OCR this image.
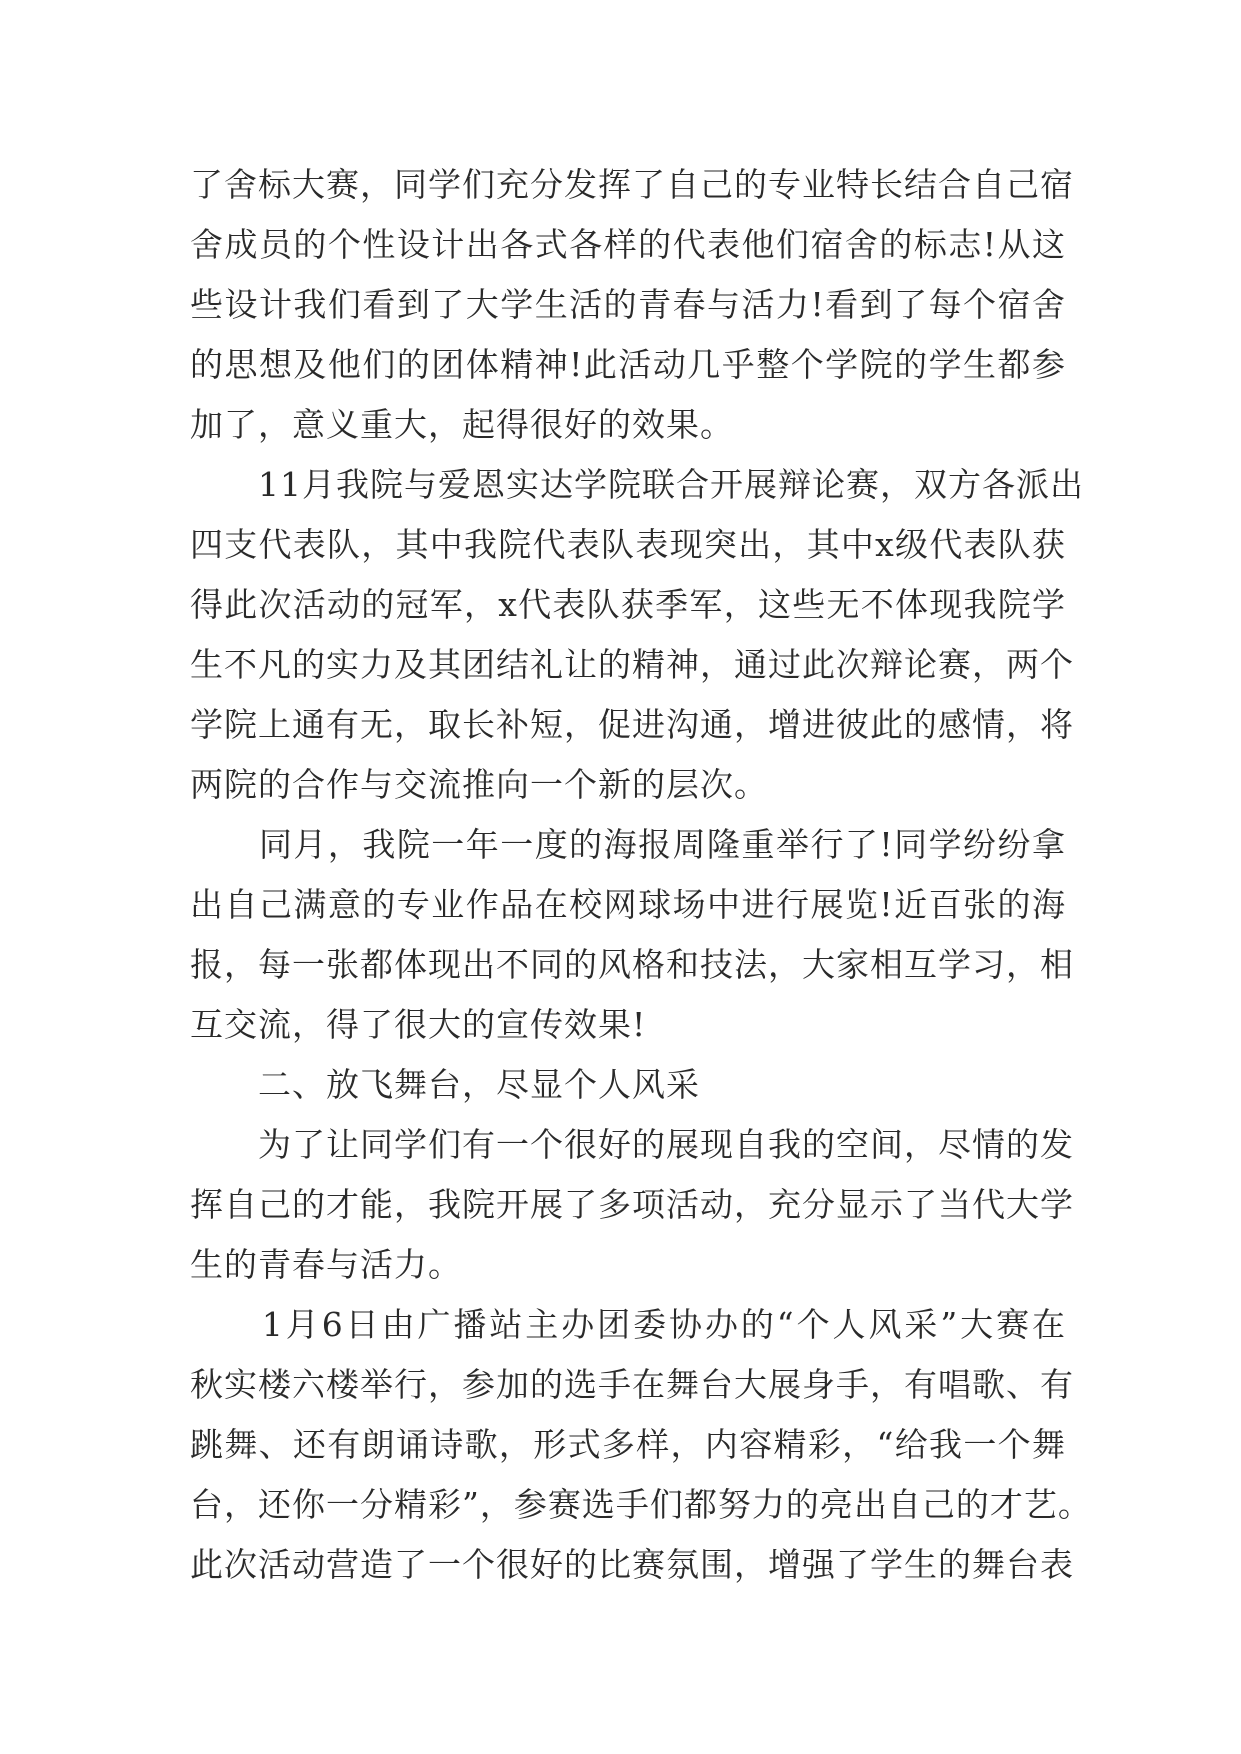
了舍标大赛，同学们充分发挥了自己的专业特长结合自己宿
舍成员的个性设计出各式各样的代表他们宿舍的标志!从这
些设计我们看到了大学生活的青春与活力!看到了每个宿舍
的思想及他们的团体精神!此活动几乎整个学院的学生都参
加了，意义重大，起得很好的效果。
　　11月我院与爱恩实达学院联合开展辩论赛，双方各派出
四支代表队，其中我院代表队表现突出，其中x级代表队获
得此次活动的冠军，x代表队获季军，这些无不体现我院学
生不凡的实力及其团结礼让的精神，通过此次辩论赛，两个
学院上通有无，取长补短，促进沟通，增进彼此的感情，将
两院的合作与交流推向一个新的层次。
　　同月，我院一年一度的海报周隆重举行了!同学纷纷拿
出自己满意的专业作品在校网球场中进行展览!近百张的海
报，每一张都体现出不同的风格和技法，大家相互学习，相
互交流，得了很大的宣传效果!
　　二、放飞舞台，尽显个人风采
　　为了让同学们有一个很好的展现自我的空间，尽情的发
挥自己的才能，我院开展了多项活动，充分显示了当代大学
生的青春与活力。
　　1月6日由广播站主办团委协办的“个人风采”大赛在
秋实楼六楼举行，参加的选手在舞台大展身手，有唱歌、有
跳舞、还有朗诵诗歌，形式多样，内容精彩，“给我一个舞
台，还你一分精彩”，参赛选手们都努力的亮出自己的才艺。
此次活动营造了一个很好的比赛氛围，增强了学生的舞台表
